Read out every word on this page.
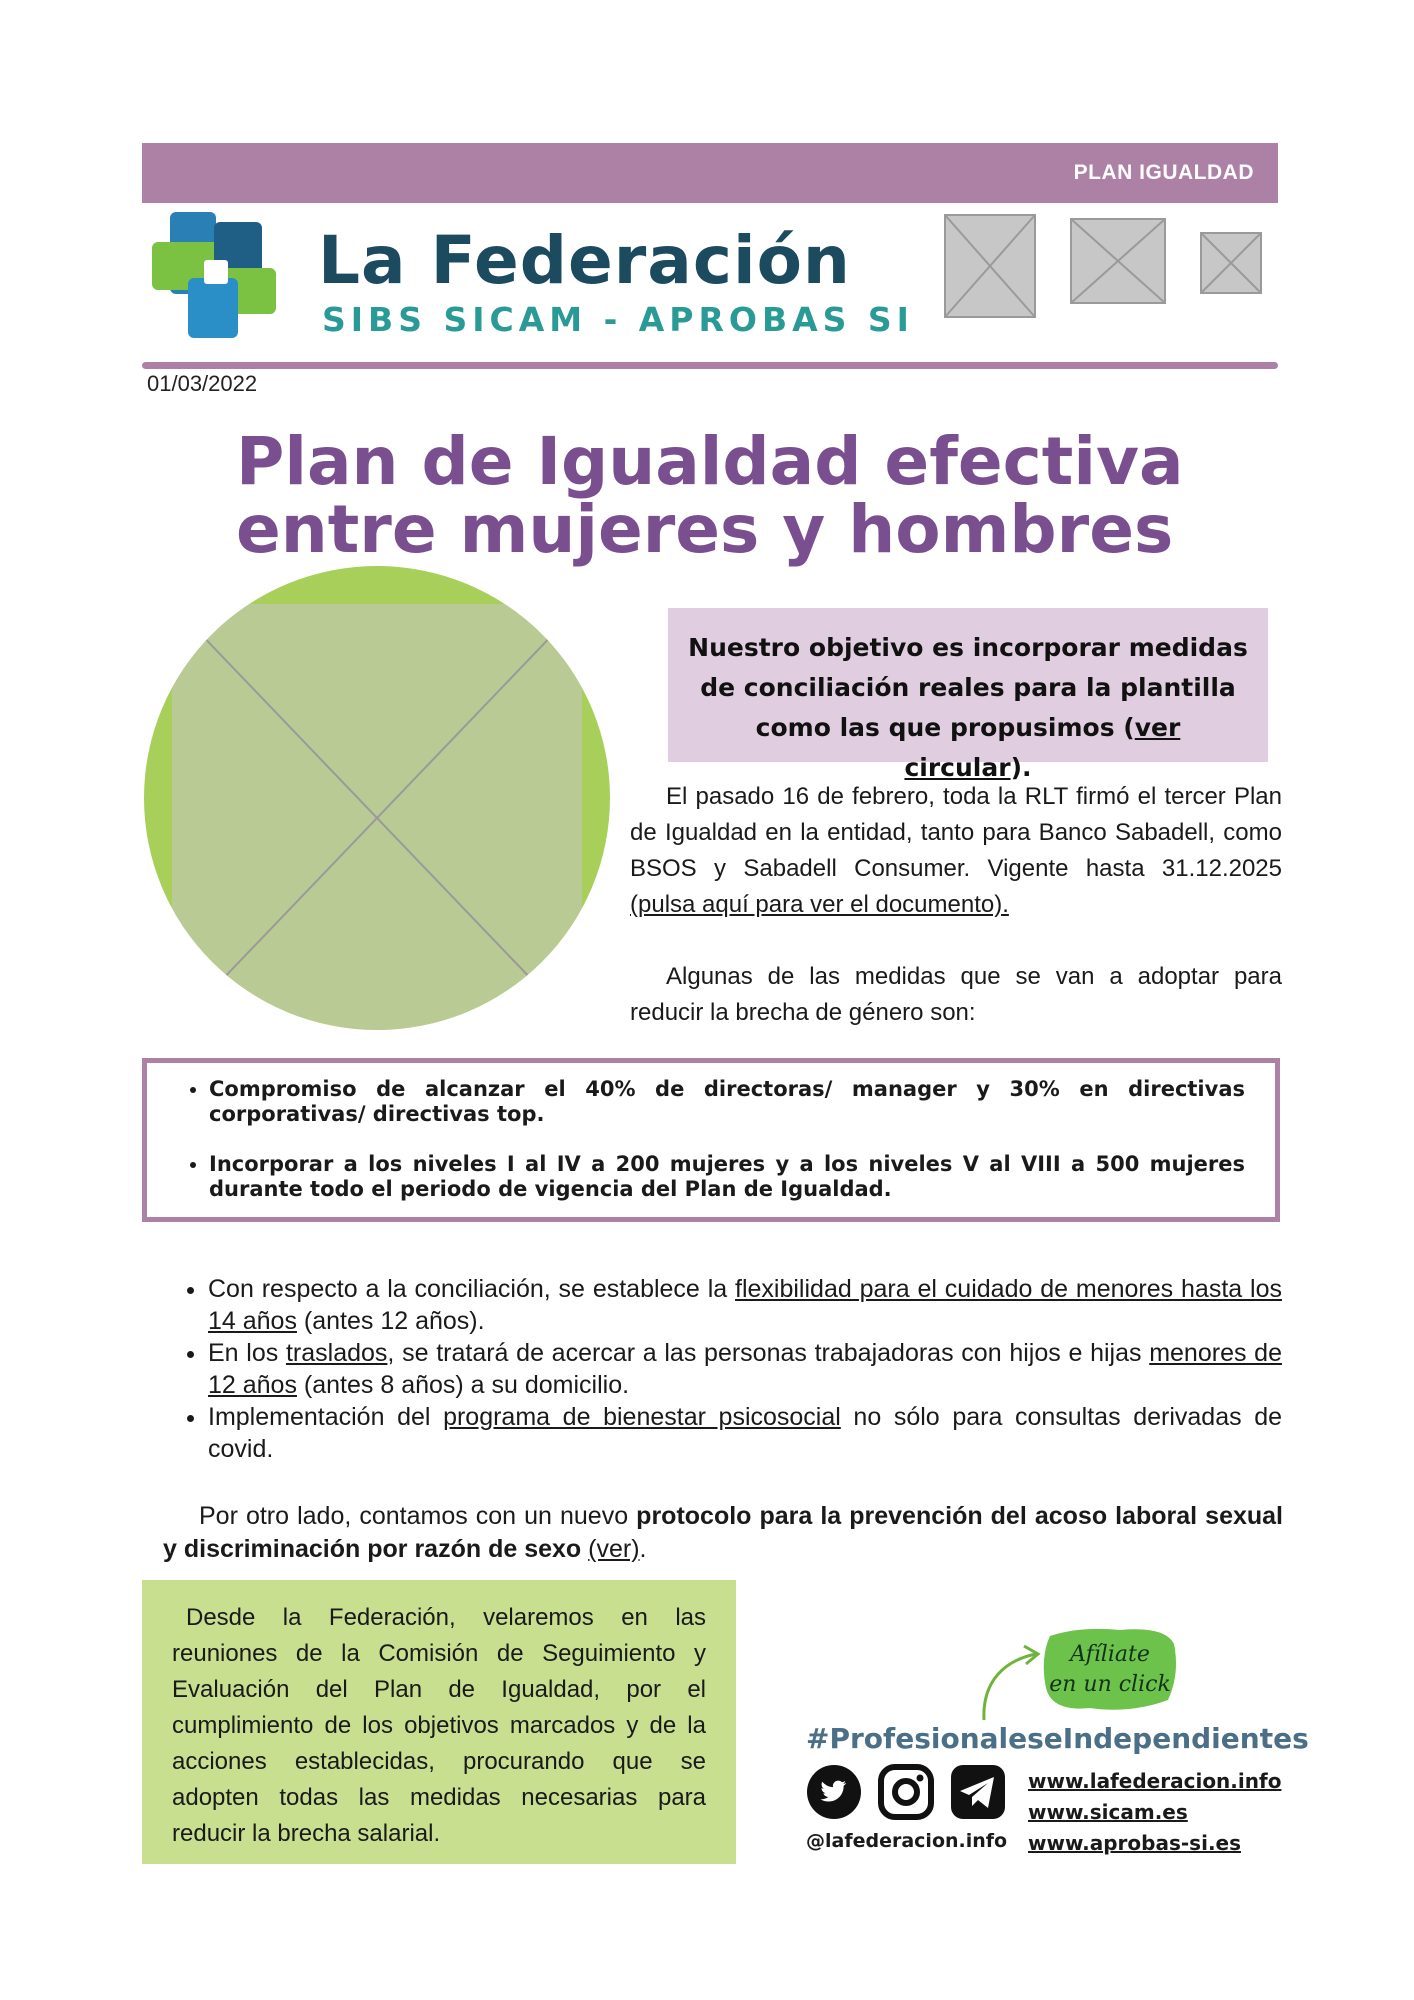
PLAN IGUALDAD
La Federación
SIBS SICAM - APROBAS SI
01/03/2022
Plan de Igualdad efectiva
entre mujeres y hombres

Nuestro objetivo es incorporar medidas de conciliación reales para la plantilla como las que propusimos (ver circular).

El pasado 16 de febrero, toda la RLT firmó el tercer Plan de Igualdad en la entidad, tanto para Banco Sabadell, como BSOS y Sabadell Consumer. Vigente hasta 31.12.2025 (pulsa aquí para ver el documento).
Algunas de las medidas que se van a adoptar para reducir la brecha de género son:
• Compromiso de alcanzar el 40% de directoras/ manager y 30% en directivas corporativas/ directivas top.
• Incorporar a los niveles I al IV a 200 mujeres y a los niveles V al VIII a 500 mujeres durante todo el periodo de vigencia del Plan de Igualdad.
• Con respecto a la conciliación, se establece la flexibilidad para el cuidado de menores hasta los 14 años (antes 12 años).
• En los traslados, se tratará de acercar a las personas trabajadoras con hijos e hijas menores de 12 años (antes 8 años) a su domicilio.
• Implementación del programa de bienestar psicosocial no sólo para consultas derivadas de covid.
Por otro lado, contamos con un nuevo protocolo para la prevención del acoso laboral sexual y discriminación por razón de sexo (ver).

Desde la Federación, velaremos en las reuniones de la Comisión de Seguimiento y Evaluación del Plan de Igualdad, por el cumplimiento de los objetivos marcados y de la acciones establecidas, procurando que se adopten todas las medidas necesarias para reducir la brecha salarial.

Afíliate
en un click
#ProfesionaleseIndependientes
@lafederacion.info
www.lafederacion.info
www.sicam.es
www.aprobas-si.es
